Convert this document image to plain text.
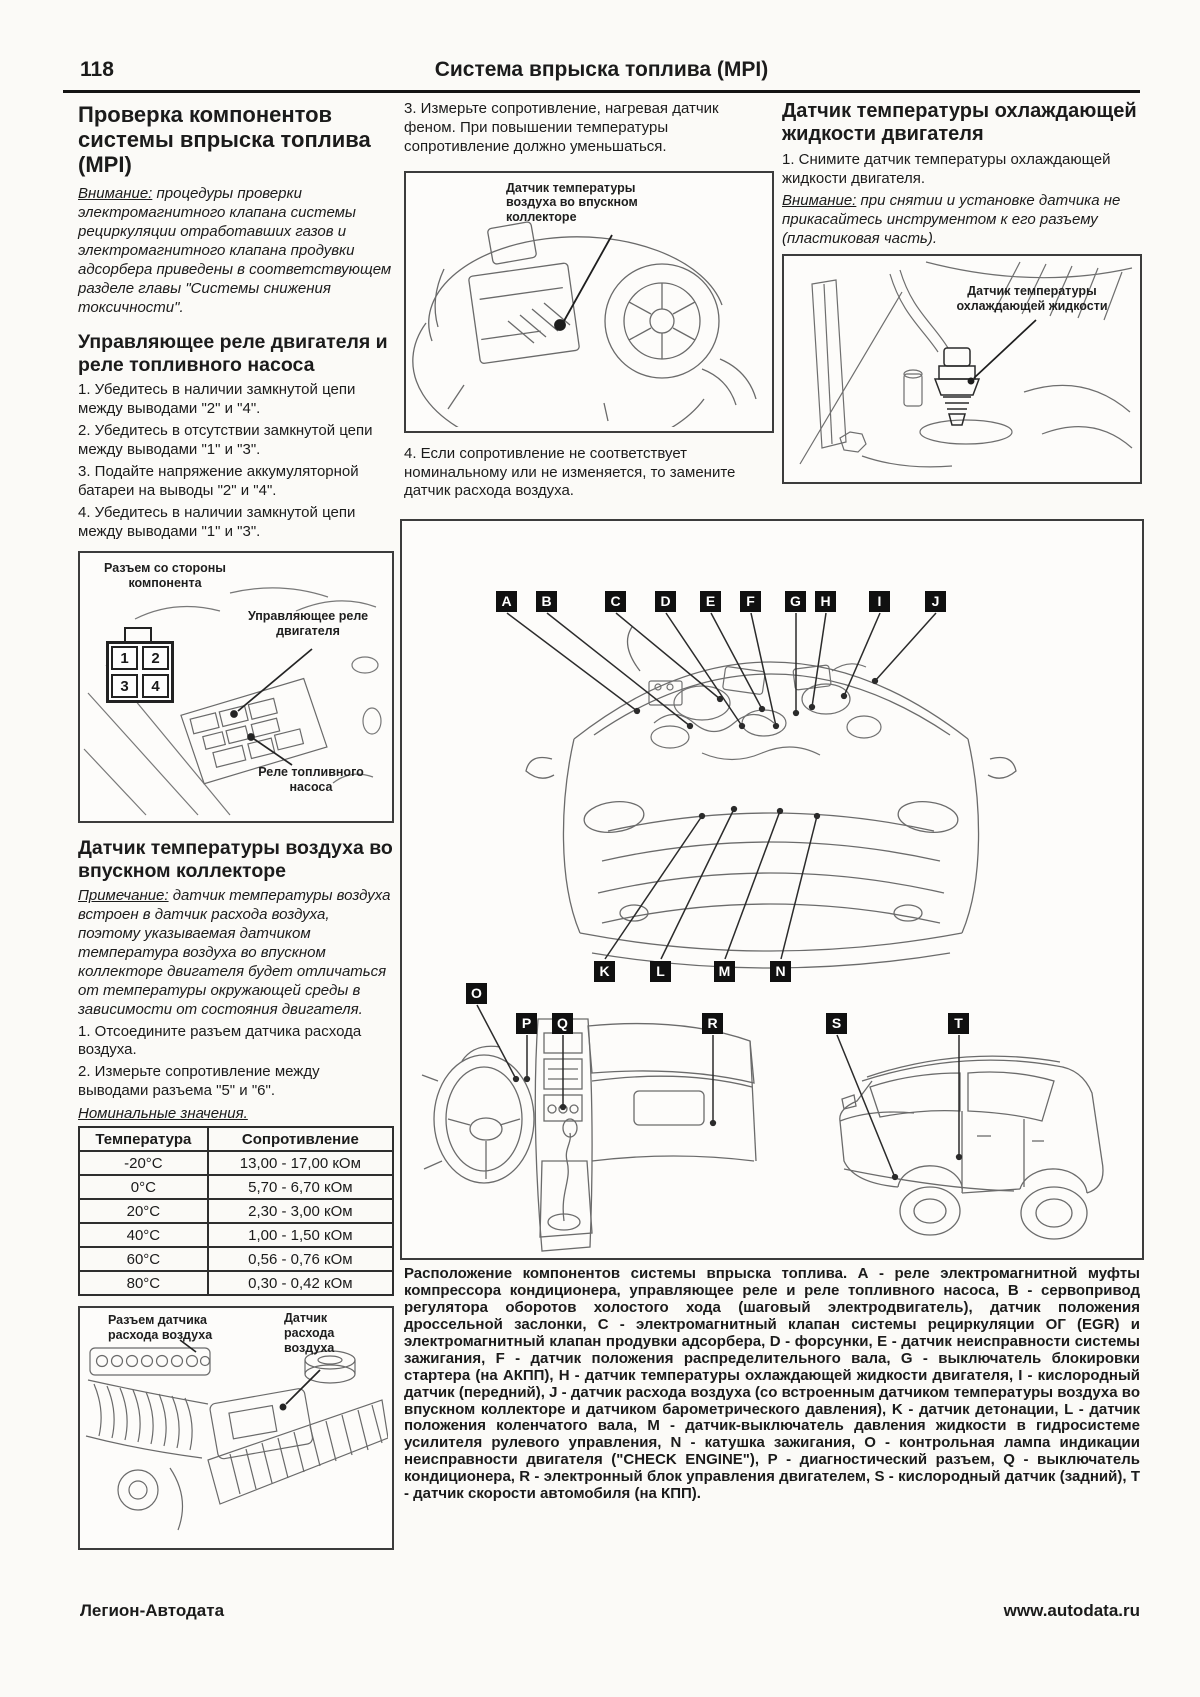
118	Система впрыска топлива (MPI)
Проверка компонентов системы впрыска топлива (MPI)

Внимание: процедуры проверки электромагнитного клапана системы рециркуляции отработавших газов и электромагнитного клапана продувки адсорбера приведены в соответствующем разделе главы "Системы снижения токсичности".

Управляющее реле двигателя и реле топливного насоса

1. Убедитесь в наличии замкнутой цепи между выводами "2" и "4".

2. Убедитесь в отсутствии замкнутой цепи между выводами "1" и "3".

3. Подайте напряжение аккумуляторной батареи на выводы "2" и "4".

4. Убедитесь в наличии замкнутой цепи между выводами "1" и "3".

Разъем со стороны компонента
Управляющее реле двигателя
Реле топливного насоса
1	2
3	4
Датчик температуры воздуха во впускном коллекторе

Примечание: датчик температуры воздуха встроен в датчик расхода воздуха, поэтому указываемая датчиком температура воздуха во впускном коллекторе двигателя будет отличаться от температуры окружающей среды в зависимости от состояния двигателя.

1. Отсоедините разъем датчика расхода воздуха.

2. Измерьте сопротивление между выводами разъема "5" и "6".

Номинальные значения.
Температура	Сопротивление
-20°C	13,00 - 17,00 кОм
0°C	5,70 - 6,70 кОм
20°C	2,30 - 3,00 кОм
40°C	1,00 - 1,50 кОм
60°C	0,56 - 0,76 кОм
80°C	0,30 - 0,42 кОм
Разъем датчика расхода воздуха
Датчик расхода воздуха

3. Измерьте сопротивление, нагревая датчик феном. При повышении температуры сопротивление должно уменьшаться.

Датчик температуры воздуха во впускном коллекторе

4. Если сопротивление не соответствует номинальному или не изменяется, то замените датчик расхода воздуха.

Датчик температуры охлаждающей жидкости двигателя

1. Снимите датчик температуры охлаждающей жидкости двигателя.

Внимание: при снятии и установке датчика не прикасайтесь инструментом к его разъему (пластиковая часть).

Датчик температуры охлаждающей жидкости
A	B	C	D	E	F	G	H	I	J
K	L	M	N
O
P	Q	R	S	T
Расположение компонентов системы впрыска топлива. А - реле электромагнитной муфты компрессора кондиционера, управляющее реле и реле топливного насоса, В - сервопривод регулятора оборотов холостого хода (шаговый электродвигатель), датчик положения дроссельной заслонки, С - электромагнитный клапан системы рециркуляции ОГ (EGR) и электромагнитный клапан продувки адсорбера, D - форсунки, Е - датчик неисправности системы зажигания, F - датчик положения распределительного вала, G - выключатель блокировки стартера (на АКПП), Н - датчик температуры охлаждающей жидкости двигателя, I - кислородный датчик (передний), J - датчик расхода воздуха (со встроенным датчиком температуры воздуха во впускном коллекторе и датчиком барометрического давления), K - датчик детонации, L - датчик положения коленчатого вала, М - датчик-выключатель давления жидкости в гидросистеме усилителя рулевого управления, N - катушка зажигания, О - контрольная лампа индикации неисправности двигателя ("CHECK ENGINE"), Р - диагностический разъем, Q - выключатель кондиционера, R - электронный блок управления двигателем, S - кислородный датчик (задний), Т - датчик скорости автомобиля (на КПП).
Легион-Автодата	www.autodata.ru
